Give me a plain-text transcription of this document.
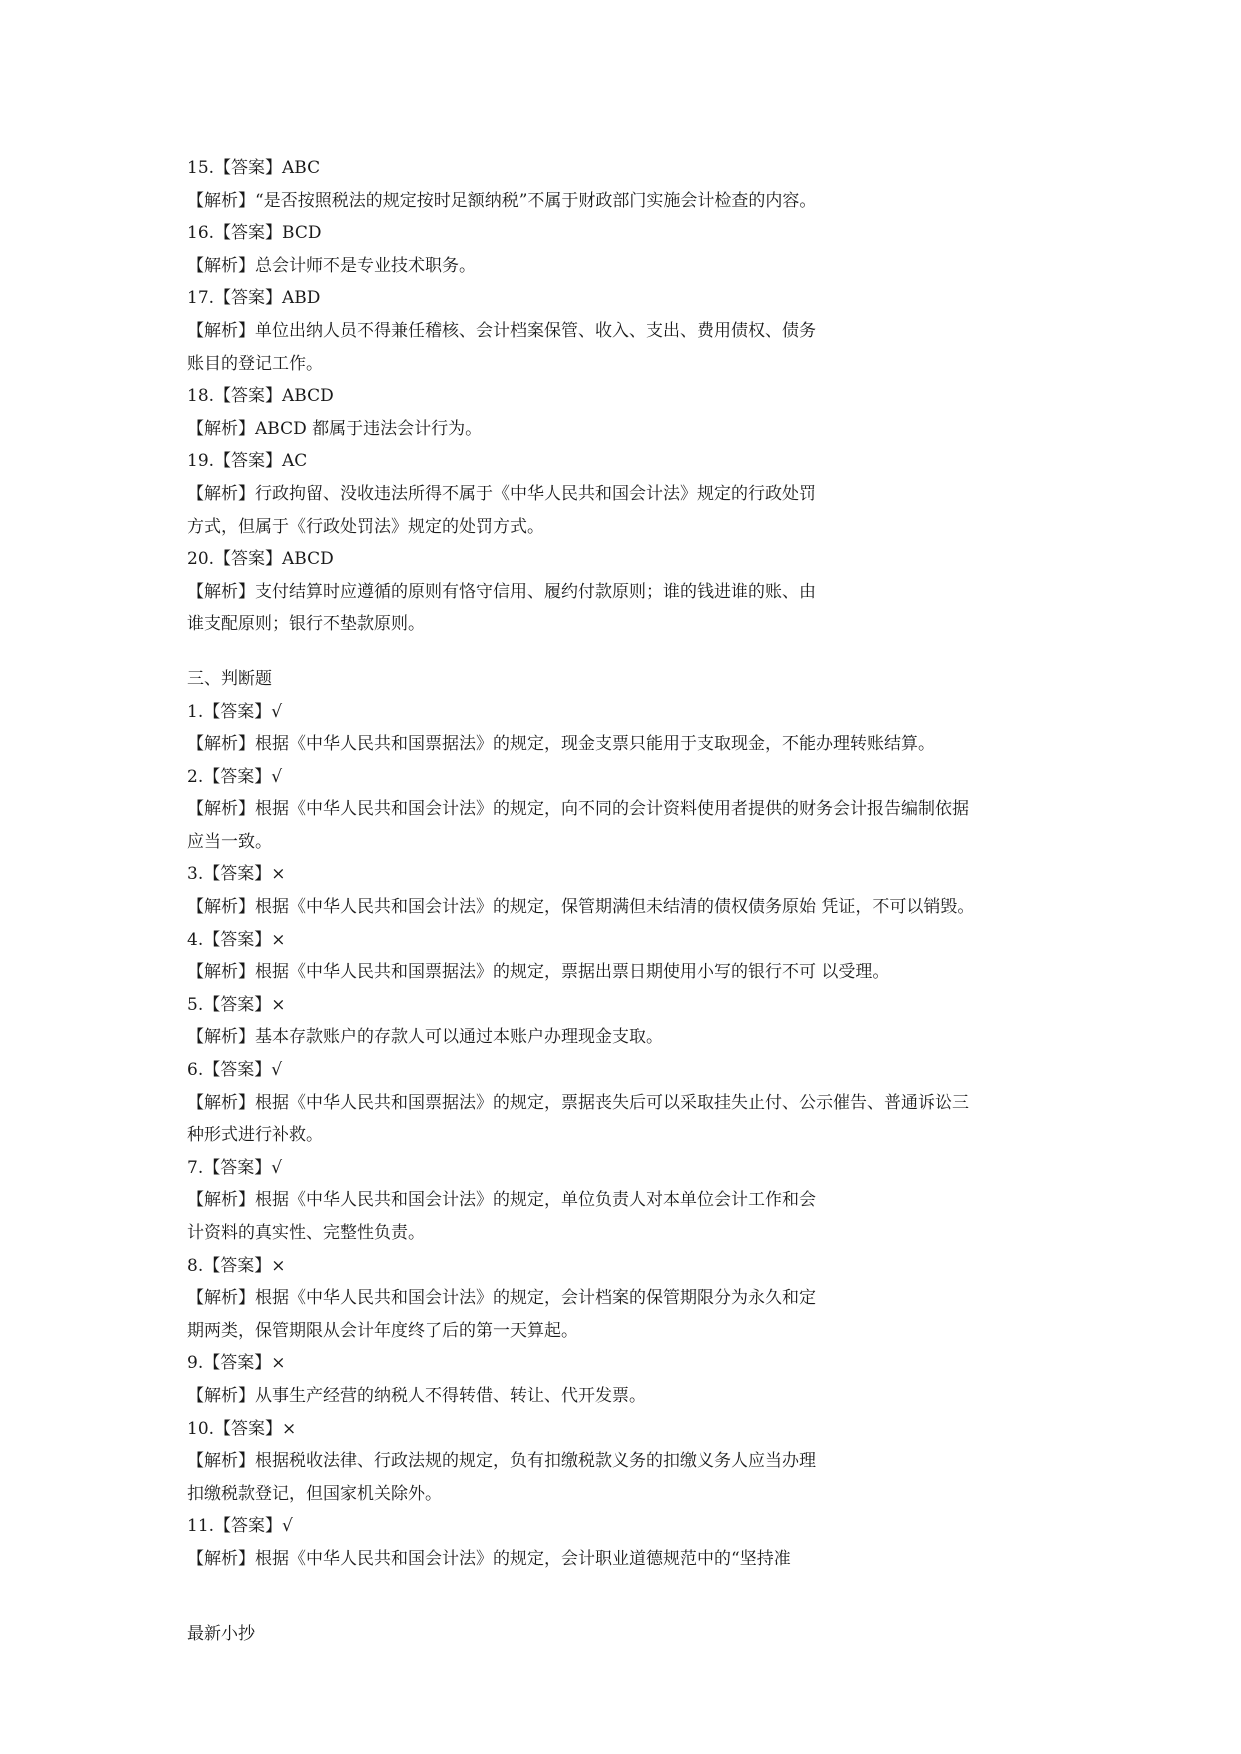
15.【答案】ABC
【解析】“是否按照税法的规定按时足额纳税”不属于财政部门实施会计检查的内容。
16.【答案】BCD
【解析】总会计师不是专业技术职务。
17.【答案】ABD
【解析】单位出纳人员不得兼任稽核、会计档案保管、收入、支出、费用债权、债务
账目的登记工作。
18.【答案】ABCD
【解析】ABCD 都属于违法会计行为。
19.【答案】AC
【解析】行政拘留、没收违法所得不属于《中华人民共和国会计法》规定的行政处罚
方式，但属于《行政处罚法》规定的处罚方式。
20.【答案】ABCD
【解析】支付结算时应遵循的原则有恪守信用、履约付款原则；谁的钱进谁的账、由
谁支配原则；银行不垫款原则。
三、判断题
1.【答案】√
【解析】根据《中华人民共和国票据法》的规定，现金支票只能用于支取现金，不能办理转账结算。
2.【答案】√
【解析】根据《中华人民共和国会计法》的规定，向不同的会计资料使用者提供的财务会计报告编制依据
应当一致。
3.【答案】×
【解析】根据《中华人民共和国会计法》的规定，保管期满但未结清的债权债务原始 凭证，不可以销毁。
4.【答案】×
【解析】根据《中华人民共和国票据法》的规定，票据出票日期使用小写的银行不可 以受理。
5.【答案】×
【解析】基本存款账户的存款人可以通过本账户办理现金支取。
6.【答案】√
【解析】根据《中华人民共和国票据法》的规定，票据丧失后可以采取挂失止付、公示催告、普通诉讼三
种形式进行补救。
7.【答案】√
【解析】根据《中华人民共和国会计法》的规定，单位负责人对本单位会计工作和会
计资料的真实性、完整性负责。
8.【答案】×
【解析】根据《中华人民共和国会计法》的规定，会计档案的保管期限分为永久和定
期两类，保管期限从会计年度终了后的第一天算起。
9.【答案】×
【解析】从事生产经营的纳税人不得转借、转让、代开发票。
10.【答案】×
【解析】根据税收法律、行政法规的规定，负有扣缴税款义务的扣缴义务人应当办理
扣缴税款登记，但国家机关除外。
11.【答案】√
【解析】根据《中华人民共和国会计法》的规定，会计职业道德规范中的“坚持准
最新小抄
